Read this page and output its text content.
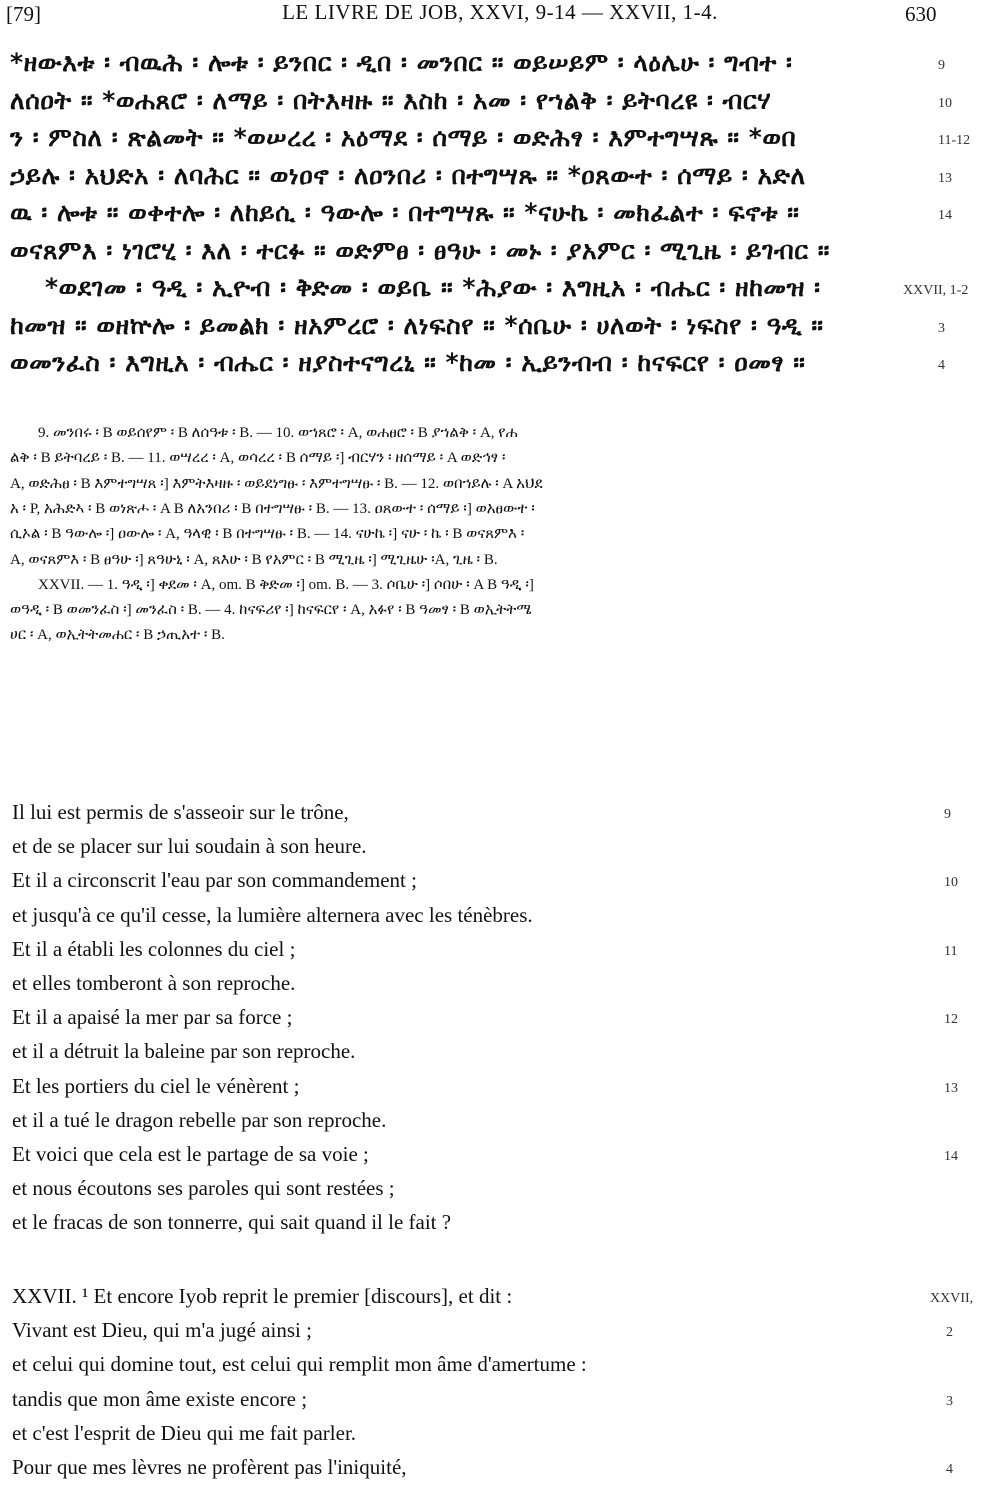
[79]	LE LIVRE DE JOB, XXVI, 9-14 — XXVII, 1-4.	630
*ዘውእቱ ፡ ብዉሕ ፡ ሎቱ ፡ ይንበር ፡ ዲበ ፡ መንበር ። ወይሠይም ፡ ላዕሌሁ ፡ ግብተ ፡	9
ለሰዐት ። *ወሐጸሮ ፡ ለማይ ፡ በትእዛዙ ። እስከ ፡ አመ ፡ የኀልቅ ፡ ይትባረዩ ፡ ብርሃ	10
ን ፡ ምስለ ፡ ጽልመት ። *ወሠረረ ፡ አዕማደ ፡ ሰማይ ፡ ወድሕፃ ፡ እምተግሣጹ ። *ወበ	11-12
ኃይሉ ፡ አህድአ ፡ ለባሕር ። ወነዐኖ ፡ ለዐንበሪ ፡ በተግሣጹ ። *ዐጸውተ ፡ ሰማይ ፡ አድለ	13
ዉ ፡ ሎቱ ። ወቀተሎ ፡ ለከይሲ ፡ ዓውሎ ፡ በተግሣጹ ። *ናሁኬ ፡ መክፈልተ ፡ ፍኖቱ ።	14
ወናጸምእ ፡ ነገሮሂ ፡ እለ ፡ ተርፉ ። ወድምፀ ፡ ፀዓሁ ፡ መኑ ፡ ያአምር ፡ ሚጊዜ ፡ ይገብር ።
*ወደገመ ፡ ዓዲ ፡ ኢዮብ ፡ ቅድመ ፡ ወይቤ ። *ሕያው ፡ እግዚአ ፡ ብሔር ፡ ዘከመዝ ፡	XXVII, 1-2
ከመዝ ። ወዘኵሎ ፡ ይመልክ ፡ ዘአምረሮ ፡ ለነፍስየ ። *ሰቤሁ ፡ ሀለወት ፡ ነፍስየ ፡ ዓዲ ።	3
ወመንፈስ ፡ እግዚአ ፡ ብሔር ፡ ዘያስተናግረኒ ። *ከመ ፡ ኢይንብብ ፡ ከናፍርየ ፡ ዐመፃ ።	4
9. መንበሩ ፡ B ወይሰየም ፡ B ለሰዓቱ ፡ B. — 10. ወኀጸሮ ፡ A, ወሐፀሮ ፡ B ያኀልቅ ፡ A, የሐ
ልቅ ፡ B ይትባረይ ፡ B. — 11. ወሣረረ ፡ A, ወሳረረ ፡ B ሰማይ ፡] ብርሃን ፡ ዘሰማይ ፡ A ወድኅፃ ፡
A, ወድሕፀ ፡ B እምተግሣጸ ፡] እምትእዛዙ ፡ ወይደነግፁ ፡ እምተግሣፁ ፡ B. — 12. ወበኀይሉ ፡ A አህደ
አ ፡ P, አሕድኣ ፡ B ወነጽሖ ፡ A B ለአንበሪ ፡ B በተግሣፁ ፡ B. — 13. ዐጸውተ ፡ ሰማይ ፡] ወአፀውተ ፡
ሲኦል ፡ B ዓውሎ ፡] ዐውሎ ፡ A, ዓላዊ ፡ B በተግሣፁ ፡ B. — 14. ናሁኬ ፡] ናሁ ፡ ኬ ፡ B ወናጸምእ ፡
A, ወናጸምእ ፡ B ፀዓሁ ፡] ጸዓሁኒ ፡ A, ጸእሁ ፡ B የአምር ፡ B ሚጊዜ ፡] ሚጊዜሁ ፡A, ጊዜ ፡ B.
XXVII. — 1. ዓዲ ፡] ቀደመ ፡ A, om. B ቅድመ ፡] om. B. — 3. ሶቤሁ ፡] ሶበሁ ፡ A B ዓዲ ፡]
ወዓዲ ፡ B ወመንፈስ ፡] መንፈስ ፡ B. — 4. ከናፍሪየ ፡] ከናፍርየ ፡ A, አፉየ ፡ B ዓመፃ ፡ B ወኢትትሜ
ሀር ፡ A, ወኢትትመሐር ፡ B ኃጢአተ ፡ B.
Il lui est permis de s'asseoir sur le trône,	9
et de se placer sur lui soudain à son heure.
Et il a circonscrit l'eau par son commandement ;	10
et jusqu'à ce qu'il cesse, la lumière alternera avec les ténèbres.
Et il a établi les colonnes du ciel ;	11
et elles tomberont à son reproche.
Et il a apaisé la mer par sa force ;	12
et il a détruit la baleine par son reproche.
Et les portiers du ciel le vénèrent ;	13
et il a tué le dragon rebelle par son reproche.
Et voici que cela est le partage de sa voie ;	14
et nous écoutons ses paroles qui sont restées ;
et le fracas de son tonnerre, qui sait quand il le fait ?
XXVII. ¹ Et encore Iyob reprit le premier [discours], et dit :	XXVII,
Vivant est Dieu, qui m'a jugé ainsi ;	2
et celui qui domine tout, est celui qui remplit mon âme d'amertume :
tandis que mon âme existe encore ;	3
et c'est l'esprit de Dieu qui me fait parler.
Pour que mes lèvres ne profèrent pas l'iniquité,	4
